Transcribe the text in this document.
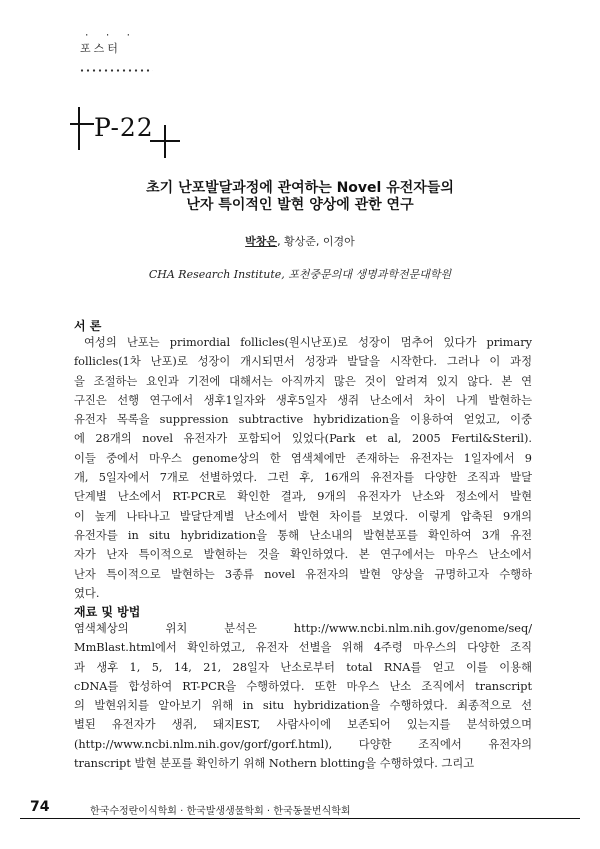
· · ·
포스터
P-22
초기 난포발달과정에 관여하는 Novel 유전자들의
난자 특이적인 발현 양상에 관한 연구
박창은, 황상준, 이경아
CHA Research Institute, 포천중문의대 생명과학전문대학원
서 론
여성의 난포는 primordial follicles(원시난포)로 성장이 멈추어 있다가 primary
follicles(1차 난포)로 성장이 개시되면서 성장과 발달을 시작한다. 그러나 이 과정
을 조절하는 요인과 기전에 대해서는 아직까지 많은 것이 알려져 있지 않다. 본 연
구진은 선행 연구에서 생후1일자와 생후5일자 생쥐 난소에서 차이 나게 발현하는
유전자 목록을 suppression subtractive hybridization을 이용하여 얻었고, 이중
에 28개의 novel 유전자가 포함되어 있었다(Park et al, 2005 Fertil&Steril).
이들 중에서 마우스 genome상의 한 염색체에만 존재하는 유전자는 1일자에서 9
개, 5일자에서 7개로 선별하였다. 그런 후, 16개의 유전자를 다양한 조직과 발달
단계별 난소에서 RT-PCR로 확인한 결과, 9개의 유전자가 난소와 정소에서 발현
이 높게 나타나고 발달단계별 난소에서 발현 차이를 보였다. 이렇게 압축된 9개의
유전자를 in situ hybridization을 통해 난소내의 발현분포를 확인하여 3개 유전
자가 난자 특이적으로 발현하는 것을 확인하였다. 본 연구에서는 마우스 난소에서
난자 특이적으로 발현하는 3종류 novel 유전자의 발현 양상을 규명하고자 수행하
였다.
재료 및 방법
염색체상의 위치 분석은 http://www.ncbi.nlm.nih.gov/genome/seq/
MmBlast.html에서 확인하였고, 유전자 선별을 위해 4주령 마우스의 다양한 조직
과 생후 1, 5, 14, 21, 28일자 난소로부터 total RNA를 얻고 이를 이용해
cDNA를 합성하여 RT-PCR을 수행하였다. 또한 마우스 난소 조직에서 transcript
의 발현위치를 알아보기 위해 in situ hybridization을 수행하였다. 최종적으로 선
별된 유전자가 생쥐, 돼지EST, 사람사이에 보존되어 있는지를 분석하였으며
(http://www.ncbi.nlm.nih.gov/gorf/gorf.html), 다양한 조직에서 유전자의
transcript 발현 분포를 확인하기 위해 Nothern blotting을 수행하였다. 그리고
74	한국수정란이식학회 · 한국발생생물학회 · 한국동물번식학회
